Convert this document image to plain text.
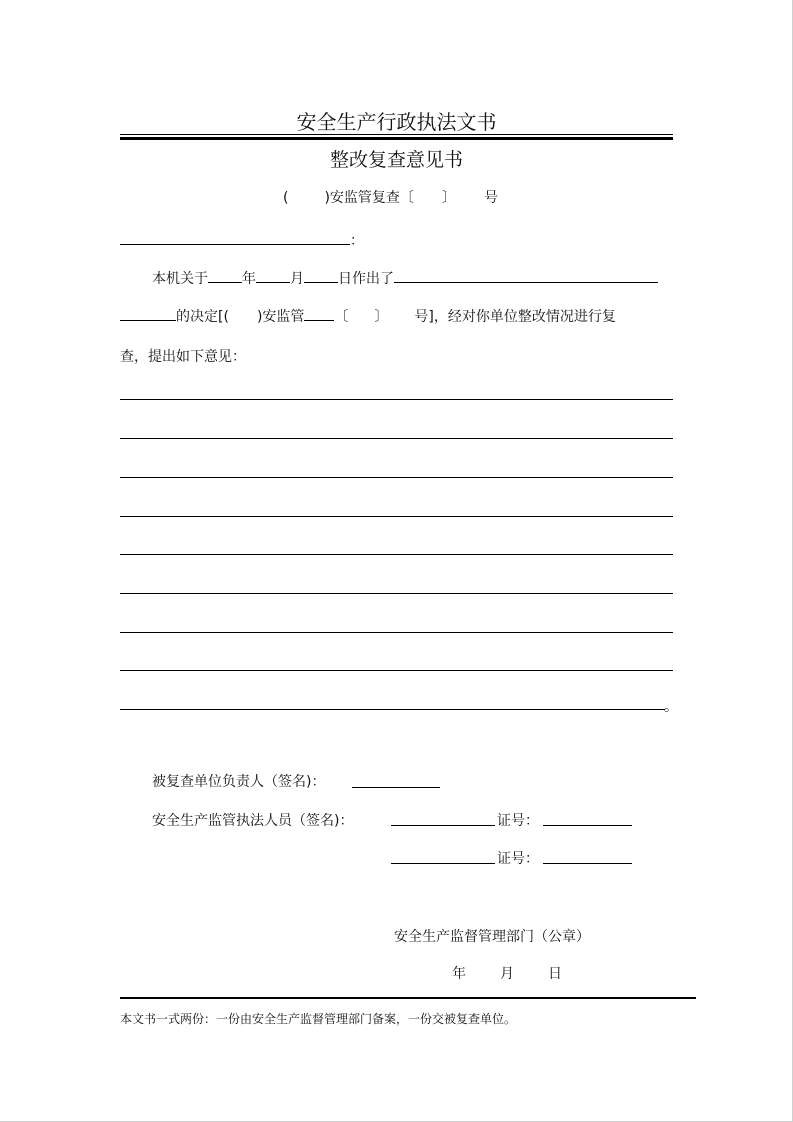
安全生产行政执法文书
整改复查意见书
(	)安监管复查〔 〕 号
：
本机关于 年 月 日作出了
的决定[( )安监管 〔 〕 号]，经对你单位整改情况进行复
查，提出如下意见：
。
被复查单位负责人（签名)：
安全生产监管执法人员（签名)：	证号：
证号：
安全生产监督管理部门（公章）
年 月 日
本文书一式两份：一份由安全生产监督管理部门备案，一份交被复查单位。
